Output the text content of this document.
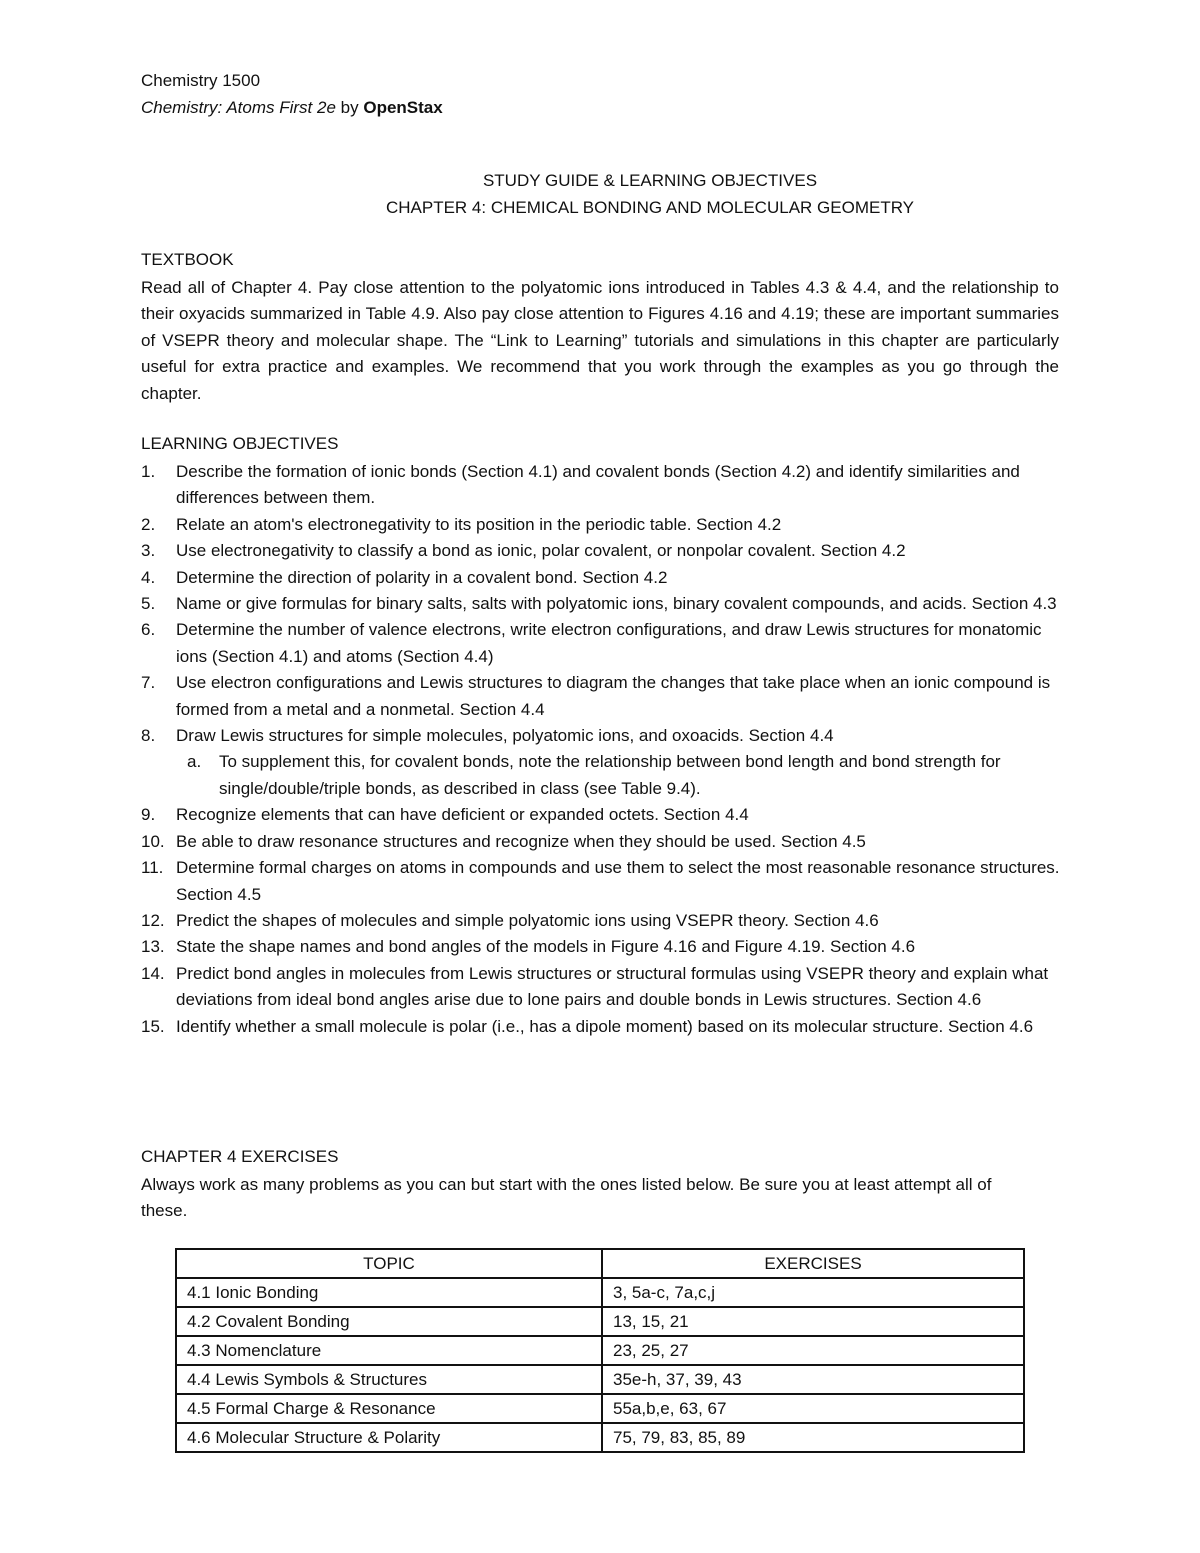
Chemistry 1500
Chemistry: Atoms First 2e by OpenStax
STUDY GUIDE & LEARNING OBJECTIVES
CHAPTER 4: CHEMICAL BONDING AND MOLECULAR GEOMETRY
TEXTBOOK
Read all of Chapter 4. Pay close attention to the polyatomic ions introduced in Tables 4.3 & 4.4, and the relationship to their oxyacids summarized in Table 4.9. Also pay close attention to Figures 4.16 and 4.19; these are important summaries of VSEPR theory and molecular shape. The “Link to Learning” tutorials and simulations in this chapter are particularly useful for extra practice and examples. We recommend that you work through the examples as you go through the chapter.
LEARNING OBJECTIVES
1. Describe the formation of ionic bonds (Section 4.1) and covalent bonds (Section 4.2) and identify similarities and differences between them.
2. Relate an atom's electronegativity to its position in the periodic table. Section 4.2
3. Use electronegativity to classify a bond as ionic, polar covalent, or nonpolar covalent. Section 4.2
4. Determine the direction of polarity in a covalent bond. Section 4.2
5. Name or give formulas for binary salts, salts with polyatomic ions, binary covalent compounds, and acids. Section 4.3
6. Determine the number of valence electrons, write electron configurations, and draw Lewis structures for monatomic ions (Section 4.1) and atoms (Section 4.4)
7. Use electron configurations and Lewis structures to diagram the changes that take place when an ionic compound is formed from a metal and a nonmetal. Section 4.4
8. Draw Lewis structures for simple molecules, polyatomic ions, and oxoacids. Section 4.4
a. To supplement this, for covalent bonds, note the relationship between bond length and bond strength for single/double/triple bonds, as described in class (see Table 9.4).
9. Recognize elements that can have deficient or expanded octets. Section 4.4
10. Be able to draw resonance structures and recognize when they should be used. Section 4.5
11. Determine formal charges on atoms in compounds and use them to select the most reasonable resonance structures. Section 4.5
12. Predict the shapes of molecules and simple polyatomic ions using VSEPR theory. Section 4.6
13. State the shape names and bond angles of the models in Figure 4.16 and Figure 4.19. Section 4.6
14. Predict bond angles in molecules from Lewis structures or structural formulas using VSEPR theory and explain what deviations from ideal bond angles arise due to lone pairs and double bonds in Lewis structures. Section 4.6
15. Identify whether a small molecule is polar (i.e., has a dipole moment) based on its molecular structure. Section 4.6
CHAPTER 4 EXERCISES
Always work as many problems as you can but start with the ones listed below. Be sure you at least attempt all of these.
TOPIC	EXERCISES
4.1 Ionic Bonding	3, 5a-c, 7a,c,j
4.2 Covalent Bonding	13, 15, 21
4.3 Nomenclature	23, 25, 27
4.4 Lewis Symbols & Structures	35e-h, 37, 39, 43
4.5 Formal Charge & Resonance	55a,b,e, 63, 67
4.6 Molecular Structure & Polarity	75, 79, 83, 85, 89
